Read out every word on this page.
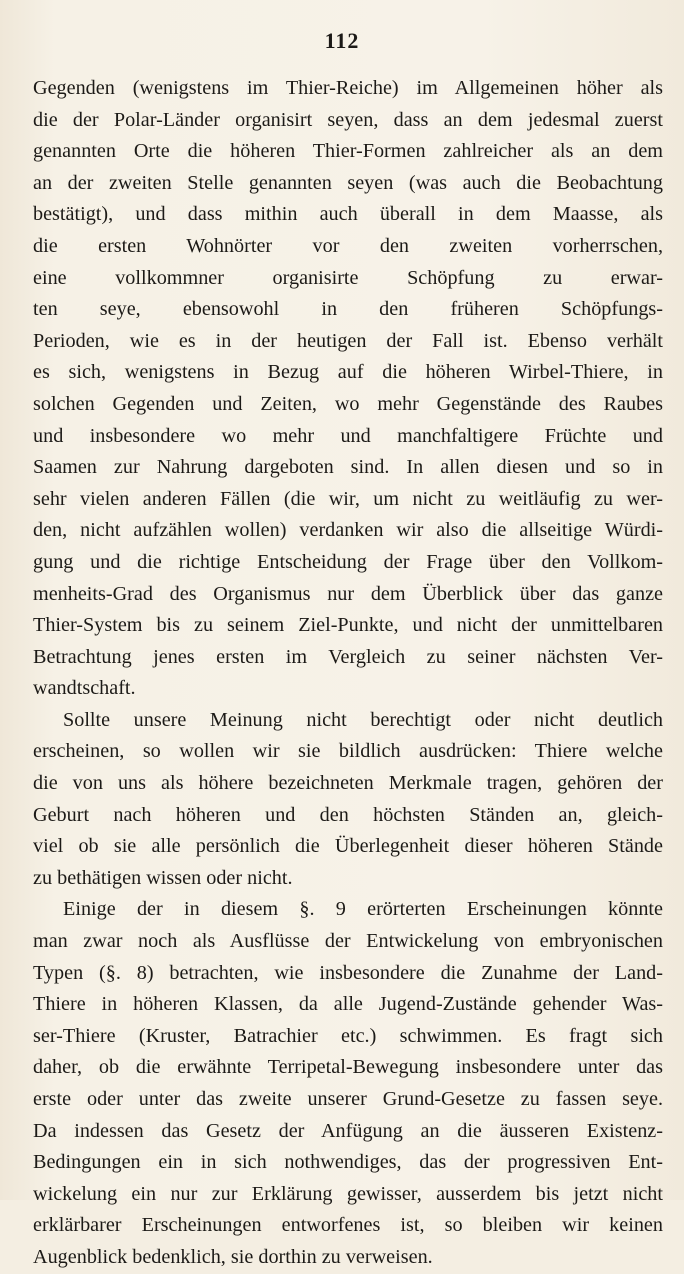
112
Gegenden (wenigstens im Thier-Reiche) im Allgemeinen höher als
die der Polar-Länder organisirt seyen, dass an dem jedesmal zuerst
genannten Orte die höheren Thier-Formen zahlreicher als an dem
an der zweiten Stelle genannten seyen (was auch die Beobachtung
bestätigt), und dass mithin auch überall in dem Maasse, als
die ersten Wohnörter vor den zweiten vorherrschen,
eine vollkommner organisirte Schöpfung zu erwar-
ten seye, ebensowohl in den früheren Schöpfungs-
Perioden, wie es in der heutigen der Fall ist. Ebenso verhält
es sich, wenigstens in Bezug auf die höheren Wirbel-Thiere, in
solchen Gegenden und Zeiten, wo mehr Gegenstände des Raubes
und insbesondere wo mehr und manchfaltigere Früchte und
Saamen zur Nahrung dargeboten sind. In allen diesen und so in
sehr vielen anderen Fällen (die wir, um nicht zu weitläufig zu wer-
den, nicht aufzählen wollen) verdanken wir also die allseitige Würdi-
gung und die richtige Entscheidung der Frage über den Vollkom-
menheits-Grad des Organismus nur dem Überblick über das ganze
Thier-System bis zu seinem Ziel-Punkte, und nicht der unmittelbaren
Betrachtung jenes ersten im Vergleich zu seiner nächsten Ver-
wandtschaft.
Sollte unsere Meinung nicht berechtigt oder nicht deutlich
erscheinen, so wollen wir sie bildlich ausdrücken: Thiere welche
die von uns als höhere bezeichneten Merkmale tragen, gehören der
Geburt nach höheren und den höchsten Ständen an, gleich-
viel ob sie alle persönlich die Überlegenheit dieser höheren Stände
zu bethätigen wissen oder nicht.
Einige der in diesem §. 9 erörterten Erscheinungen könnte
man zwar noch als Ausflüsse der Entwickelung von embryonischen
Typen (§. 8) betrachten, wie insbesondere die Zunahme der Land-
Thiere in höheren Klassen, da alle Jugend-Zustände gehender Was-
ser-Thiere (Kruster, Batrachier etc.) schwimmen. Es fragt sich
daher, ob die erwähnte Terripetal-Bewegung insbesondere unter das
erste oder unter das zweite unserer Grund-Gesetze zu fassen seye.
Da indessen das Gesetz der Anfügung an die äusseren Existenz-
Bedingungen ein in sich nothwendiges, das der progressiven Ent-
wickelung ein nur zur Erklärung gewisser, ausserdem bis jetzt nicht
erklärbarer Erscheinungen entworfenes ist, so bleiben wir keinen
Augenblick bedenklich, sie dorthin zu verweisen.
